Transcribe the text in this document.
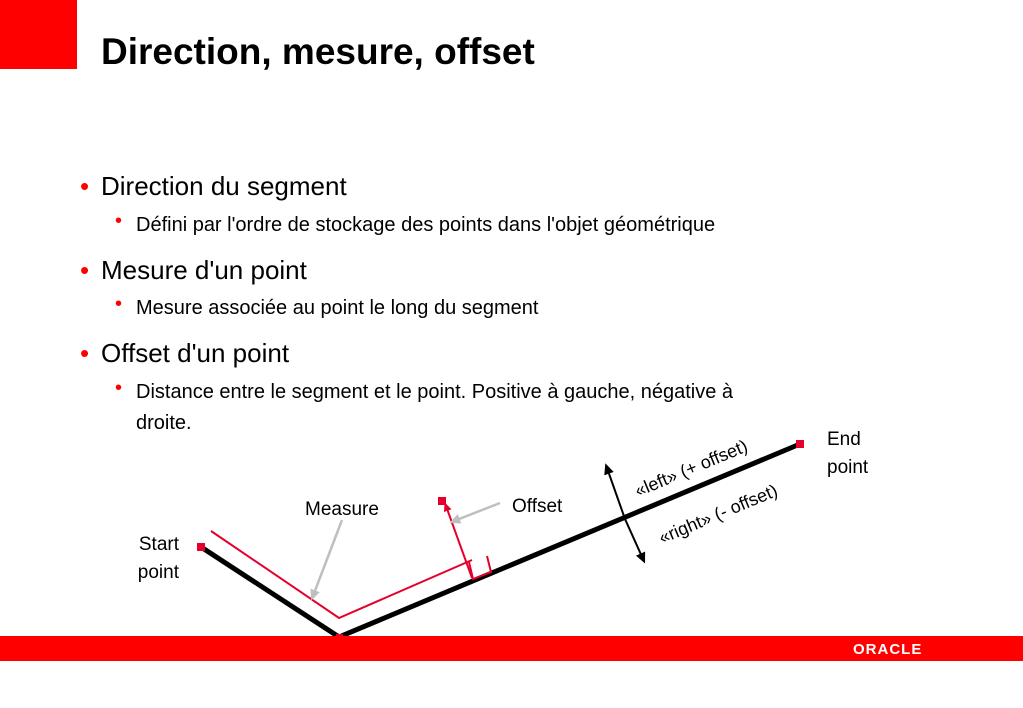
Direction, mesure, offset
• Direction du segment
• Défini par l'ordre de stockage des points dans l'objet géométrique
• Mesure d'un point
• Mesure associée au point le long du segment
• Offset d'un point
• Distance entre le segment et le point. Positive à gauche, négative à
droite.
Start point
End point
Measure	Offset
«left» (+ offset)
«right» (- offset)
ORACLE
